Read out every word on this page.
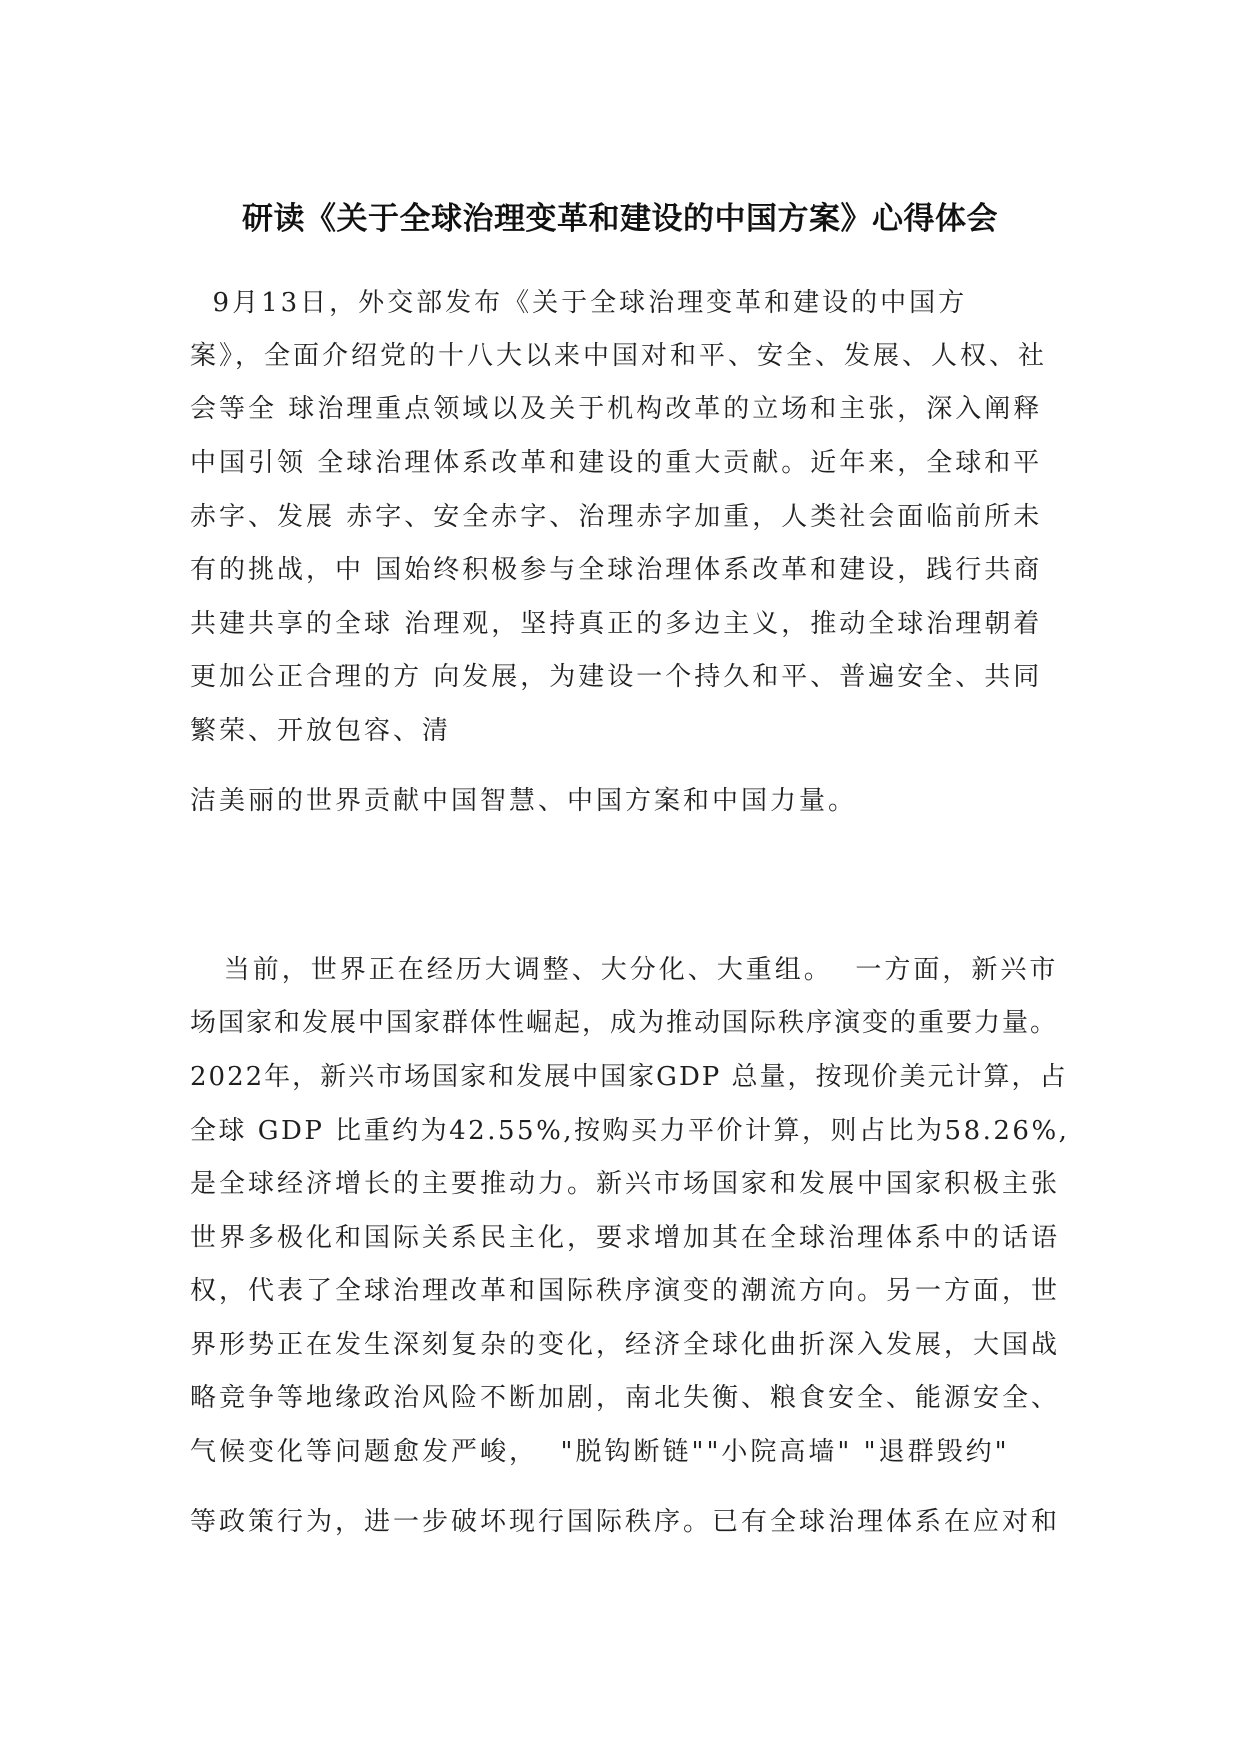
研读《关于全球治理变革和建设的中国方案》心得体会
9月13日，外交部发布《关于全球治理变革和建设的中国方
案》，全面介绍党的十八大以来中国对和平、安全、发展、人权、社
会等全 球治理重点领域以及关于机构改革的立场和主张，深入阐释
中国引领 全球治理体系改革和建设的重大贡献。近年来，全球和平
赤字、发展 赤字、安全赤字、治理赤字加重，人类社会面临前所未
有的挑战，中 国始终积极参与全球治理体系改革和建设，践行共商
共建共享的全球 治理观，坚持真正的多边主义，推动全球治理朝着
更加公正合理的方 向发展，为建设一个持久和平、普遍安全、共同
繁荣、开放包容、清
洁美丽的世界贡献中国智慧、中国方案和中国力量。
当前，世界正在经历大调整、大分化、大重组。  一方面，新兴市
场国家和发展中国家群体性崛起，成为推动国际秩序演变的重要力量。
2022年，新兴市场国家和发展中国家GDP 总量，按现价美元计算，占
全球 GDP 比重约为42.55%,按购买力平价计算，则占比为58.26%,
是全球经济增长的主要推动力。新兴市场国家和发展中国家积极主张
世界多极化和国际关系民主化，要求增加其在全球治理体系中的话语
权，代表了全球治理改革和国际秩序演变的潮流方向。另一方面，世
界形势正在发生深刻复杂的变化，经济全球化曲折深入发展，大国战
略竞争等地缘政治风险不断加剧，南北失衡、粮食安全、能源安全、
气候变化等问题愈发严峻，  "脱钩断链""小院高墙" "退群毁约"
等政策行为，进一步破坏现行国际秩序。已有全球治理体系在应对和
